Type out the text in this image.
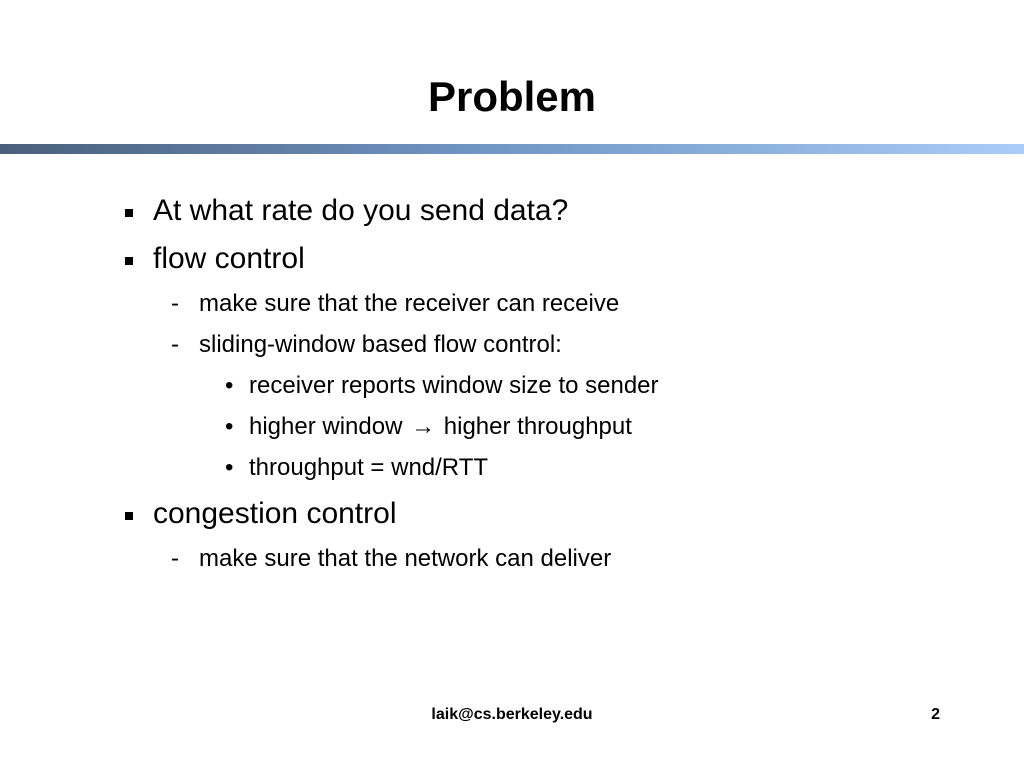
Problem
At what rate do you send data?
flow control
- make sure that the receiver can receive
- sliding-window based flow control:
• receiver reports window size to sender
• higher window → higher throughput
• throughput = wnd/RTT
congestion control
- make sure that the network can deliver
laik@cs.berkeley.edu	2
